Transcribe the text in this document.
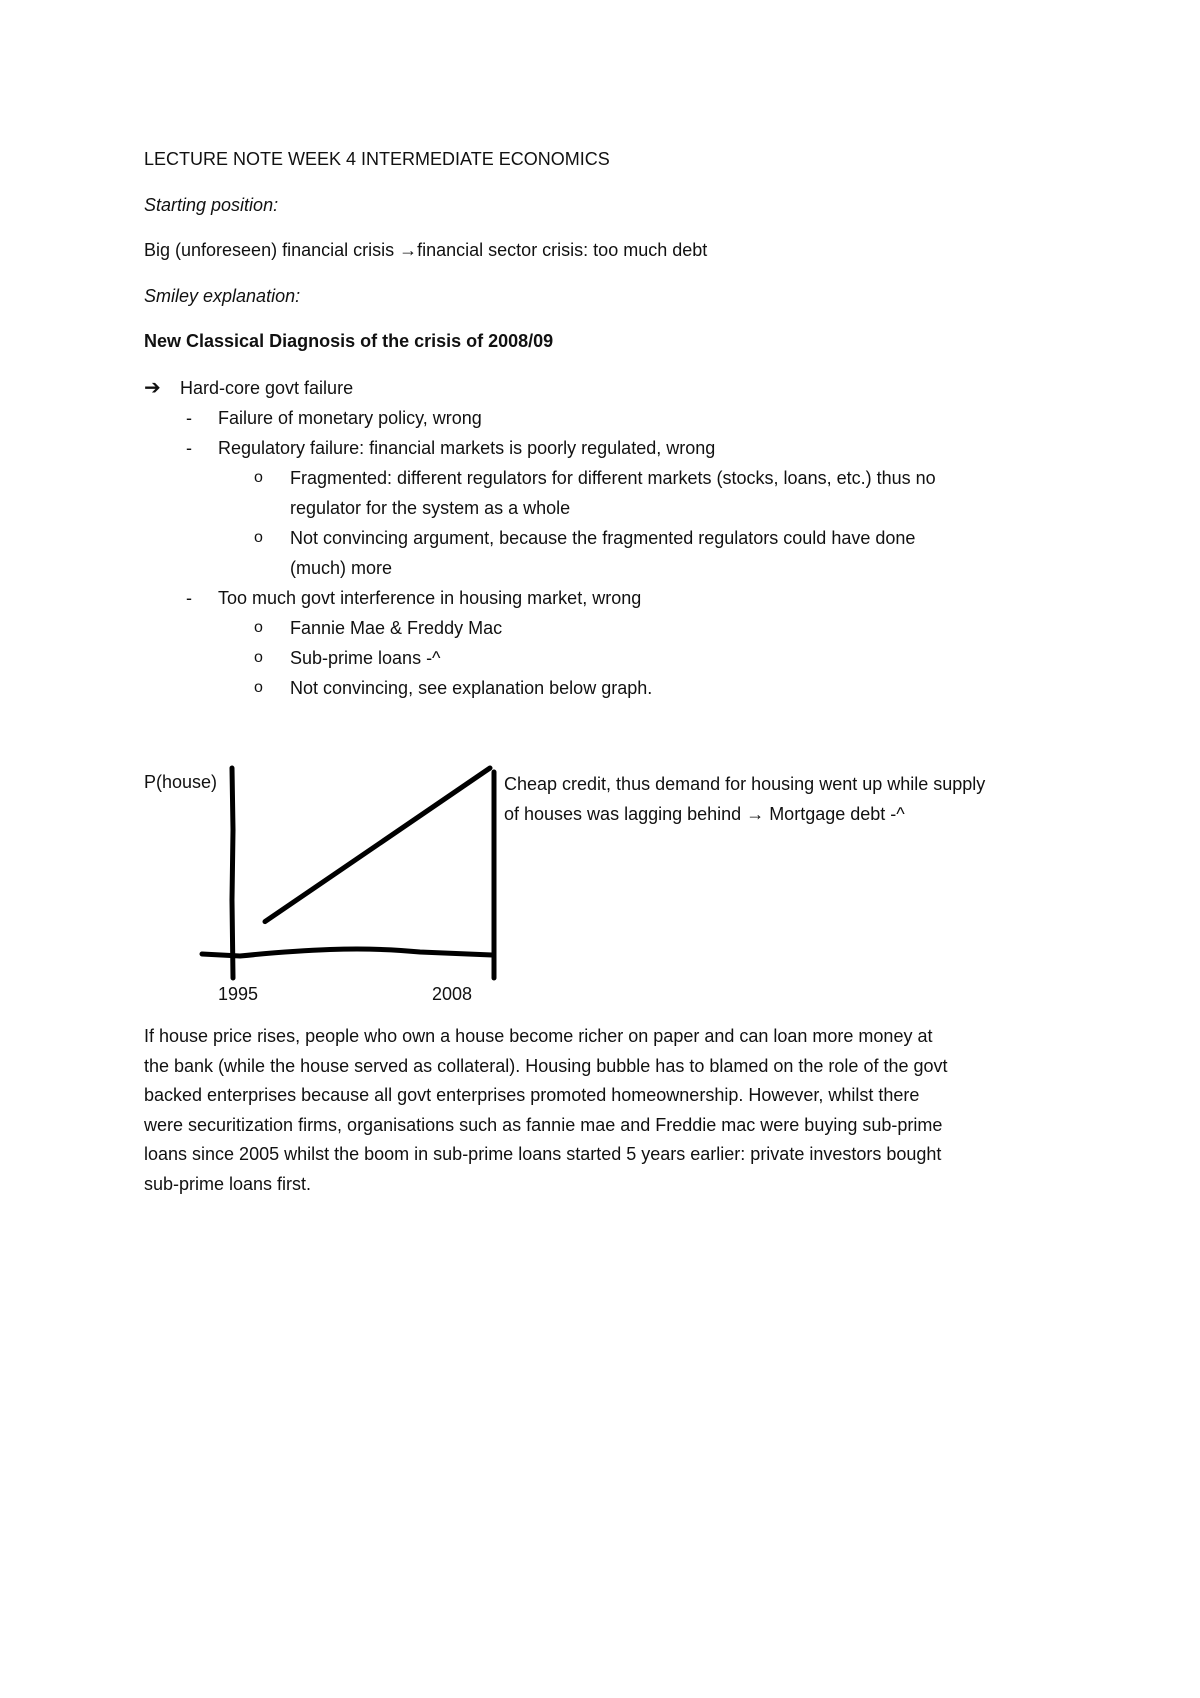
LECTURE NOTE WEEK 4 INTERMEDIATE ECONOMICS
Starting position:
Big (unforeseen) financial crisis →financial sector crisis: too much debt
Smiley explanation:
New Classical Diagnosis of the crisis of 2008/09
➔ Hard-core govt failure
- Failure of monetary policy, wrong
- Regulatory failure: financial markets is poorly regulated, wrong
o Fragmented: different regulators for different markets (stocks, loans, etc.) thus no
regulator for the system as a whole
o Not convincing argument, because the fragmented regulators could have done
(much) more
- Too much govt interference in housing market, wrong
o Fannie Mae & Freddy Mac
o Sub-prime loans -^
o Not convincing, see explanation below graph.
P(house)
1995	2008
Cheap credit, thus demand for housing went up while supply
of houses was lagging behind → Mortgage debt -^
If house price rises, people who own a house become richer on paper and can loan more money at
the bank (while the house served as collateral). Housing bubble has to blamed on the role of the govt
backed enterprises because all govt enterprises promoted homeownership. However, whilst there
were securitization firms, organisations such as fannie mae and Freddie mac were buying sub-prime
loans since 2005 whilst the boom in sub-prime loans started 5 years earlier: private investors bought
sub-prime loans first.
